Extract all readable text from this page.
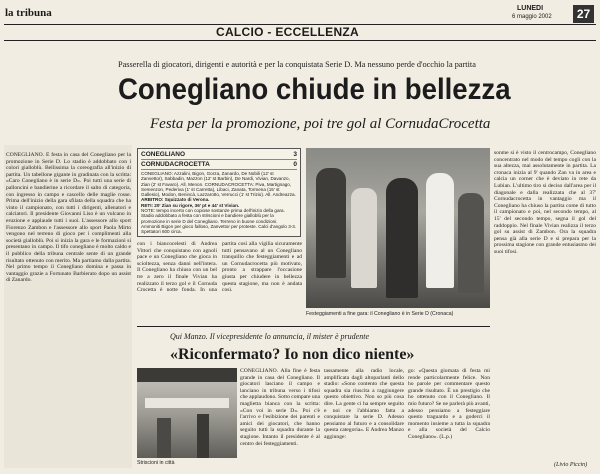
la tribuna
CALCIO - ECCELLENZA
LUNEDI
6 maggio 2002	27
Passerella di giocatori, dirigenti e autorità e per la conquistata Serie D. Ma nessuno perde d'occhio la partita
Conegliano chiude in bellezza
Festa per la promozione, poi tre gol al CornudaCrocetta
CONEGLIANO. È festa in casa del Conegliano per la promozione in Serie D. Lo stadio è addobbato con i colori gialloblù. Bellissima la coreografia all'inizio di partita. Un tabellone gigante in gradinata con la scritta: «Caro Conegliano è in serie D». Poi tutti una serie di palloncini e bandierine a ricordare il salto di categoria, con ingresso in campo e cascello delle maglie rosse. Prima dell'inizio della gara sfilata della squadra che ha vinto il campionato, con tutti i dirigenti, allenatori e calciatori. Il presidente Giovanni Liso è un vulcano in eruzione e applaude tutti i suoi. L'assessore allo sport Fiorenzo Zambon e l'assessore allo sport Paola Mirto vengono nel terreno di gioco per i complimenti alla società gialloblù. Poi si inizia la gara e le formazioni si presentano in campo. Il tifo conegliano è molto caldo e il pubblico della tribuna centrale sente di un grande risultato ottenuto con merito. Ma partiamo dalla partita. Nel primo tempo il Conegliano domina e passa in vantaggio grazie a Fortunato Barbierato dopo un assist di Zanardo.
CONEGLIANO	3
CORNUDACROCETTA	0
CONEGLIANO: Azzalini, Bigon, Gorza, Zanardo, De Nobili (12' st Zanvettor), Sabbadin, Mazzon (12' st Barbin), De Nardi, Vivian, Davanzo, Zian (2' st Favaro). All. Menon. CORNUDACROCETTA: Piva, Martignago, Semenzon, Pederiva (1' st Carretta), Libaci, Zanata, Tormena (15' st Gallesio), Modon, Benincà, Lazzarotto, Verrucci (1' st Trizio). All. Andreazza.
ARBITRO: Squizzato di Verona.
RETI: 20' Zian su rigore, 36' pt e 44' st Vivian.
NOTE: tempo incerto con copiose sostanze prima dell'inizio della gara. Stadio addobbato a festa con striscioni e bandiere gialloblù per la promozione in serie D del Conegliano. Terreno in buone condizioni. Ammoniti Bigon per gioco falloso, Zanvettor per proteste. Calci d'angolo 3-3. Spettatori 600 circa.
con i biancocelesti di Andrea Vittori che conquistano con agnoli pace e un Conegliano che gioca in scioltezza, senza danni nell'intera. Il Conegliano ha chiuso con un bel tre a zero il finale Vivian ha realizzato il terzo gol e il Cornuda Crocetta è notte fonda. In una partita così alla vigilia sicuramente tutti pensavano al un Conegliano tranquillo che festeggiamenti e ad un Cornudacrocetta più motivato, pronto a strappare l'occasione giusta per chiudere in bellezza questa stagione, ma non è andata così.
Festeggiamenti a fine gara: il Conegliano è in Serie D (Cronaca)
sonme si è visto il centrocampo, Conegliano concentrato nel modo del tempo cogli con la sua altezza, mai assolutamente in partita. La cronaca inizia al 9' quando Zan va in area e calcia un corner che è deviato in rete da Lubian. L'ultimo tiro si deciso dall'area per il diagonale e dalla realizzata che al 37' Cornudacrocetta in vantaggio ma il Conegliano ha chiuso la partita come di tutto il campionato e poi, nel secondo tempo, al 15' del secondo tempo, segna il gol del raddoppio. Nel finale Vivian realizza il terzo gol su assist di Zambon. Ora la squadra pensa già alla serie D e si prepara per la prossima stagione con grande entusiasmo dei suoi tifosi.
(Livio Piccin)
Qui Manzo. Il vicepresidente lo annuncia, il mister è prudente
«Riconfermato? Io non dico niente»
Striscioni in città
CONEGLIANO. Alla fine è festa grande in casa del Conegliano. Il giocatori lasciano il campo e lanciano in tribuna verso i tifosi che applaudono. Sotto compare una maglietta bianca con la scritta: «Con voi in serie D». Poi c'è l'arrivo e l'esibizione dei parenti e amici dei giocatori, che hanno seguito tutti la squadra durante la stagione. Intanto il presidente è al centro dei festeggiamenti.
tassamente alla radio locale, amplificata dagli altoparlanti dello stadio: «Sono contento che questa squadra sia riuscita a raggiungere questo obiettivo. Non so più cosa dire. La gente ci ha sempre seguito e noi ce l'abbiamo fatta a conquistare la serie D. Adesso pensiamo al futuro e a consolidare questa categoria». E Andrea Manzo aggiunge:
go: «Questa giornata di festa mi rende particolarmente felice. Non ho parole per commentare questo grande risultato. È un prestigio che ho ottenuto con il Conegliano. Il mio futuro? Se ne parlerà più avanti, adesso pensiamo a festeggiare questo traguardo e a goderci il momento insieme a tutta la squadra e alla società del Calcio Conegliano». (L.p.)
